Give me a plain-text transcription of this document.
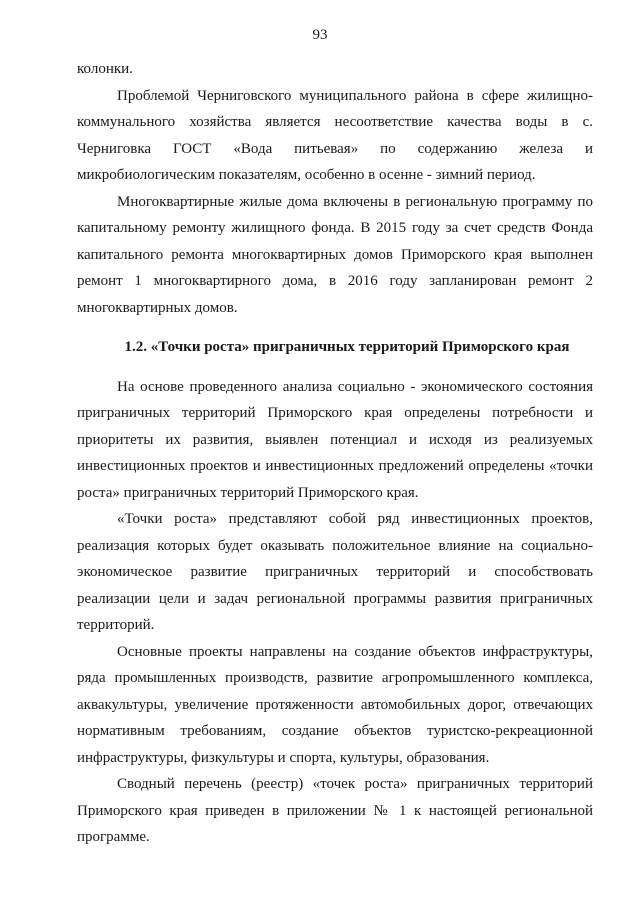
93

колонки.

Проблемой Черниговского муниципального района в сфере жилищно-коммунального хозяйства является несоответствие качества воды в с. Черниговка ГОСТ «Вода питьевая» по содержанию железа и микробиологическим показателям, особенно в осенне - зимний период.

Многоквартирные жилые дома включены в региональную программу по капитальному ремонту жилищного фонда. В 2015 году за счет средств Фонда капитального ремонта многоквартирных домов Приморского края выполнен ремонт 1 многоквартирного дома, в 2016 году запланирован ремонт 2 многоквартирных домов.

1.2. «Точки роста» приграничных территорий Приморского края

На основе проведенного анализа социально - экономического состояния приграничных территорий Приморского края определены потребности и приоритеты их развития, выявлен потенциал и исходя из реализуемых инвестиционных проектов и инвестиционных предложений определены «точки роста» приграничных территорий Приморского края.

«Точки роста» представляют собой ряд инвестиционных проектов, реализация которых будет оказывать положительное влияние на социально-экономическое развитие приграничных территорий и способствовать реализации цели и задач региональной программы развития приграничных территорий.

Основные проекты направлены на создание объектов инфраструктуры, ряда промышленных производств, развитие агропромышленного комплекса, аквакультуры, увеличение протяженности автомобильных дорог, отвечающих нормативным требованиям, создание объектов туристско-рекреационной инфраструктуры, физкультуры и спорта, культуры, образования.

Сводный перечень (реестр) «точек роста» приграничных территорий Приморского края приведен в приложении № 1 к настоящей региональной программе.
